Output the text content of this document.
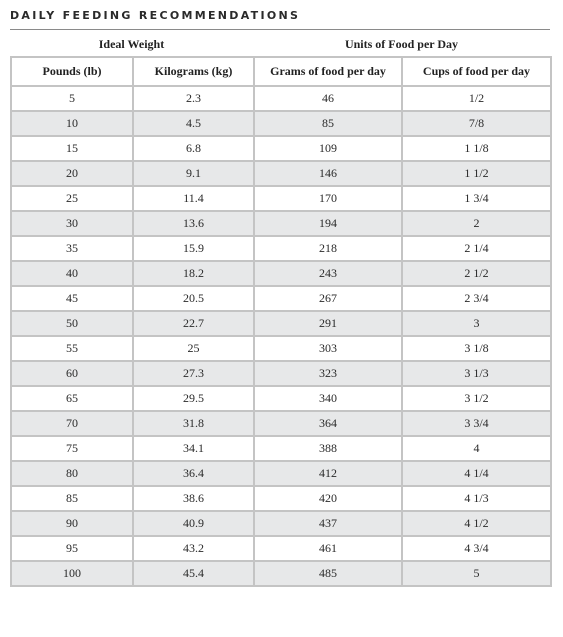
DAILY FEEDING RECOMMENDATIONS
Ideal Weight	Units of Food per Day
Pounds (lb)	Kilograms (kg)	Grams of food per day	Cups of food per day
5	2.3	46	1/2
10	4.5	85	7/8
15	6.8	109	1 1/8
20	9.1	146	1 1/2
25	11.4	170	1 3/4
30	13.6	194	2
35	15.9	218	2 1/4
40	18.2	243	2 1/2
45	20.5	267	2 3/4
50	22.7	291	3
55	25	303	3 1/8
60	27.3	323	3 1/3
65	29.5	340	3 1/2
70	31.8	364	3 3/4
75	34.1	388	4
80	36.4	412	4 1/4
85	38.6	420	4 1/3
90	40.9	437	4 1/2
95	43.2	461	4 3/4
100	45.4	485	5
